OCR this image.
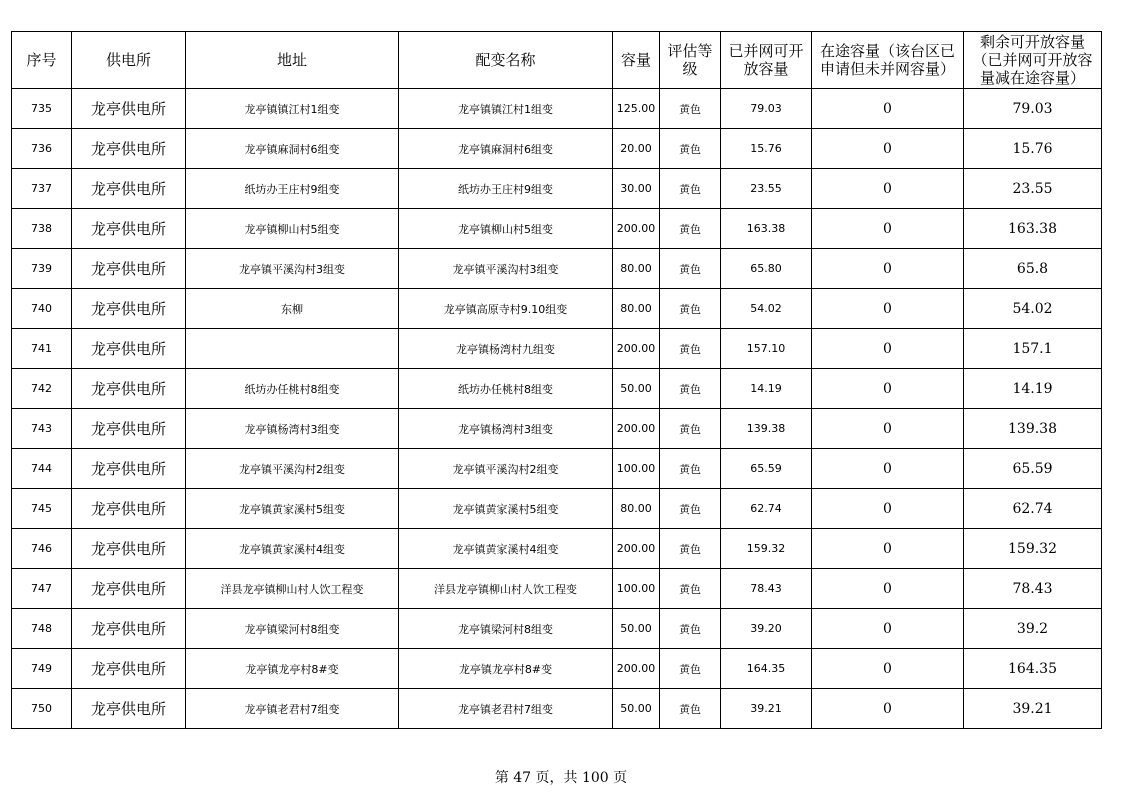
序号	供电所	地址	配变名称	容量	评估等级	已并网可开放容量	在途容量（该台区已申请但未并网容量）	剩余可开放容量（已并网可开放容量减在途容量）
735	龙亭供电所	龙亭镇镇江村1组变	龙亭镇镇江村1组变	125.00	黄色	79.03	0	79.03
736	龙亭供电所	龙亭镇麻洞村6组变	龙亭镇麻洞村6组变	20.00	黄色	15.76	0	15.76
737	龙亭供电所	纸坊办王庄村9组变	纸坊办王庄村9组变	30.00	黄色	23.55	0	23.55
738	龙亭供电所	龙亭镇柳山村5组变	龙亭镇柳山村5组变	200.00	黄色	163.38	0	163.38
739	龙亭供电所	龙亭镇平溪沟村3组变	龙亭镇平溪沟村3组变	80.00	黄色	65.80	0	65.8
740	龙亭供电所	东柳	龙亭镇高原寺村9.10组变	80.00	黄色	54.02	0	54.02
741	龙亭供电所		龙亭镇杨湾村九组变	200.00	黄色	157.10	0	157.1
742	龙亭供电所	纸坊办任桃村8组变	纸坊办任桃村8组变	50.00	黄色	14.19	0	14.19
743	龙亭供电所	龙亭镇杨湾村3组变	龙亭镇杨湾村3组变	200.00	黄色	139.38	0	139.38
744	龙亭供电所	龙亭镇平溪沟村2组变	龙亭镇平溪沟村2组变	100.00	黄色	65.59	0	65.59
745	龙亭供电所	龙亭镇黄家溪村5组变	龙亭镇黄家溪村5组变	80.00	黄色	62.74	0	62.74
746	龙亭供电所	龙亭镇黄家溪村4组变	龙亭镇黄家溪村4组变	200.00	黄色	159.32	0	159.32
747	龙亭供电所	洋县龙亭镇柳山村人饮工程变	洋县龙亭镇柳山村人饮工程变	100.00	黄色	78.43	0	78.43
748	龙亭供电所	龙亭镇梁河村8组变	龙亭镇梁河村8组变	50.00	黄色	39.20	0	39.2
749	龙亭供电所	龙亭镇龙亭村8#变	龙亭镇龙亭村8#变	200.00	黄色	164.35	0	164.35
750	龙亭供电所	龙亭镇老君村7组变	龙亭镇老君村7组变	50.00	黄色	39.21	0	39.21
第 47 页，共 100 页
